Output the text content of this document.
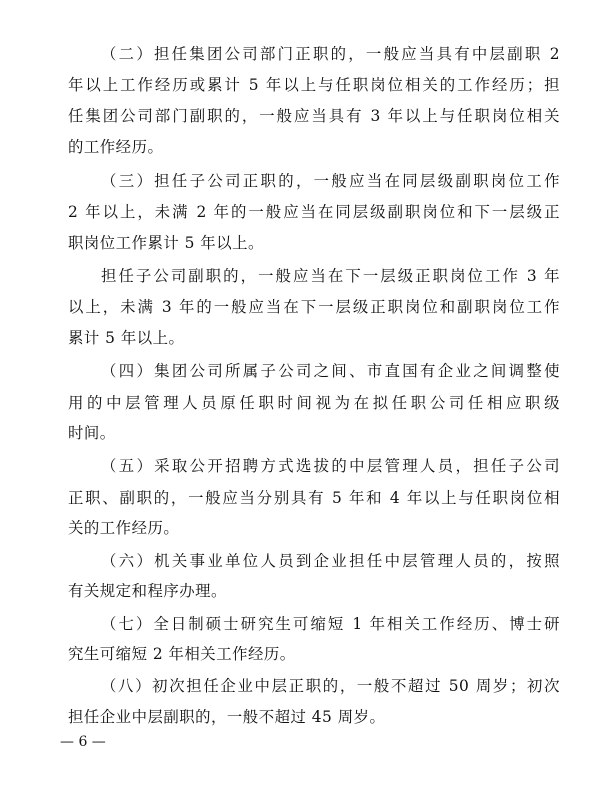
（二）担任集团公司部门正职的，一般应当具有中层副职 2
年以上工作经历或累计 5 年以上与任职岗位相关的工作经历；担
任集团公司部门副职的，一般应当具有 3 年以上与任职岗位相关
的工作经历。
（三）担任子公司正职的，一般应当在同层级副职岗位工作
2 年以上，未满 2 年的一般应当在同层级副职岗位和下一层级正
职岗位工作累计 5 年以上。
担任子公司副职的，一般应当在下一层级正职岗位工作 3 年
以上，未满 3 年的一般应当在下一层级正职岗位和副职岗位工作
累计 5 年以上。
（四）集团公司所属子公司之间、市直国有企业之间调整使
用的中层管理人员原任职时间视为在拟任职公司任相应职级
时间。
（五）采取公开招聘方式选拔的中层管理人员，担任子公司
正职、副职的，一般应当分别具有 5 年和 4 年以上与任职岗位相
关的工作经历。
（六）机关事业单位人员到企业担任中层管理人员的，按照
有关规定和程序办理。
（七）全日制硕士研究生可缩短 1 年相关工作经历、博士研
究生可缩短 2 年相关工作经历。
（八）初次担任企业中层正职的，一般不超过 50 周岁；初次
担任企业中层副职的，一般不超过 45 周岁。
— 6 —
